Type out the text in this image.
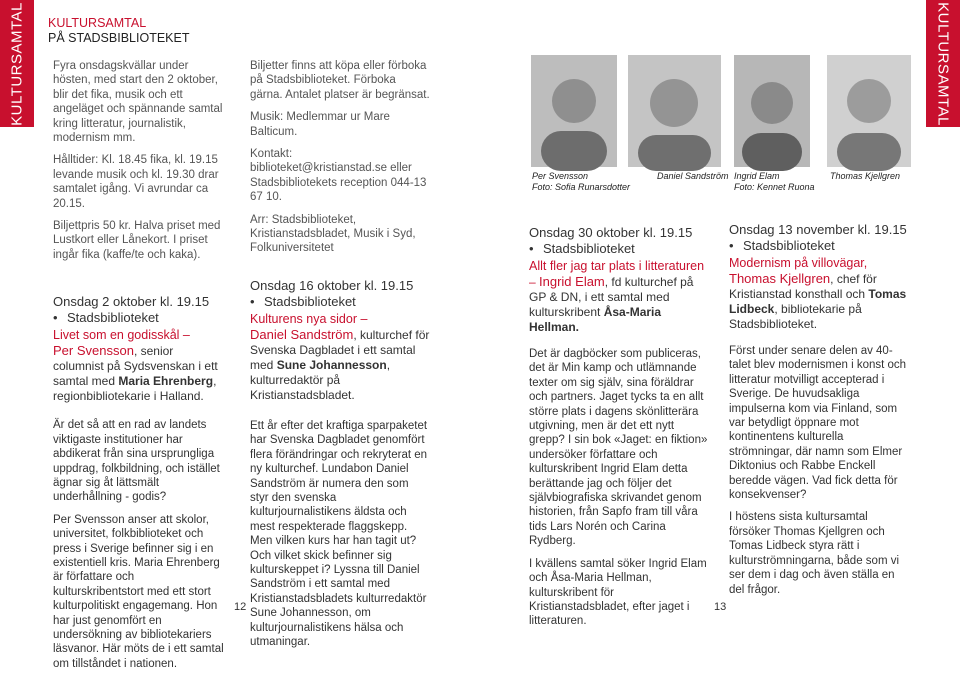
KULTURSAMTAL	KULTURSAMTAL
KULTURSAMTAL
PÅ STADSBIBLIOTEKET

Fyra onsdagskvällar under hösten, med start den 2 oktober, blir det fika, musik och ett angeläget och spännande samtal kring litteratur, journalistik, modernism mm.

Hålltider: Kl. 18.45 fika, kl. 19.15 levande musik och kl. 19.30 drar samtalet igång. Vi avrundar ca 20.15.

Biljettpris 50 kr. Halva priset med Lustkort eller Lånekort. I priset ingår fika (kaffe/te och kaka).

Onsdag 2 oktober kl. 19.15
• Stadsbiblioteket
Livet som en godisskål –

Per Svensson, senior columnist på Sydsvenskan i ett samtal med Maria Ehrenberg, regionbibliotekarie i Halland.

Är det så att en rad av landets viktigaste institutioner har abdikerat från sina ursprungliga uppdrag, folkbildning, och istället ägnar sig åt lättsmält underhållning - godis?

Per Svensson anser att skolor, universitet, folkbiblioteket och press i Sverige befinner sig i en existentiell kris. Maria Ehrenberg är författare och kulturskribentstort med ett stort kulturpolitiskt engagemang. Hon har just genomfört en undersökning av bibliotekariers läsvanor. Här möts de i ett samtal om tillståndet i nationen.

Biljetter finns att köpa eller förboka på Stadsbiblioteket. Förboka gärna. Antalet platser är begränsat.

Musik: Medlemmar ur Mare Balticum.

Kontakt: biblioteket@kristianstad.se eller Stadsbibliotekets reception 044-13 67 10.

Arr: Stadsbiblioteket, Kristianstadsbladet, Musik i Syd, Folkuniversitetet

Onsdag 16 oktober kl. 19.15
• Stadsbiblioteket
Kulturens nya sidor –

Daniel Sandström, kulturchef för Svenska Dagbladet i ett samtal med Sune Johannesson, kulturredaktör på Kristianstadsbladet.

Ett år efter det kraftiga sparpaketet har Svenska Dagbladet genomfört flera förändringar och rekryterat en ny kulturchef. Lundabon Daniel Sandström är numera den som styr den svenska kulturjournalistikens äldsta och mest respekterade flaggskepp. Men vilken kurs har han tagit ut? Och vilket skick befinner sig kulturskeppet i? Lyssna till Daniel Sandström i ett samtal med Kristianstadsbladets kulturredaktör Sune Johannesson, om kulturjournalistikens hälsa och utmaningar.

Per Svensson
Foto: Sofia Runarsdotter
Daniel Sandström Ingrid Elam
Foto: Kennet Ruona
Thomas Kjellgren
Onsdag 30 oktober kl. 19.15
• Stadsbiblioteket
Allt fler jag tar plats i litteraturen

– Ingrid Elam, fd kulturchef på GP & DN, i ett samtal med kulturskribent Åsa-Maria Hellman.

Det är dagböcker som publiceras, det är Min kamp och utlämnande texter om sig själv, sina föräldrar och partners. Jaget tycks ta en allt större plats i dagens skönlitterära utgivning, men är det ett nytt grepp? I sin bok «Jaget: en fiktion» undersöker författare och kulturskribent Ingrid Elam detta berättande jag och följer det självbiografiska skrivandet genom historien, från Sapfo fram till våra tids Lars Norén och Carina Rydberg.

I kvällens samtal söker Ingrid Elam och Åsa-Maria Hellman, kulturskribent för Kristianstadsbladet, efter jaget i litteraturen.

Onsdag 13 november kl. 19.15
• Stadsbiblioteket
Modernism på villovägar,

Thomas Kjellgren, chef för Kristianstad konsthall och Tomas Lidbeck, bibliotekarie på Stadsbiblioteket.

Först under senare delen av 40-talet blev modernismen i konst och litteratur motvilligt accepterad i Sverige. De huvudsakliga impulserna kom via Finland, som var betydligt öppnare mot kontinentens kulturella strömningar, där namn som Elmer Diktonius och Rabbe Enckell beredde vägen. Vad fick detta för konsekvenser?

I höstens sista kultursamtal försöker Thomas Kjellgren och Tomas Lidbeck styra rätt i kulturströmningarna, både som vi ser dem i dag och även ställa en del frågor.

12	13
